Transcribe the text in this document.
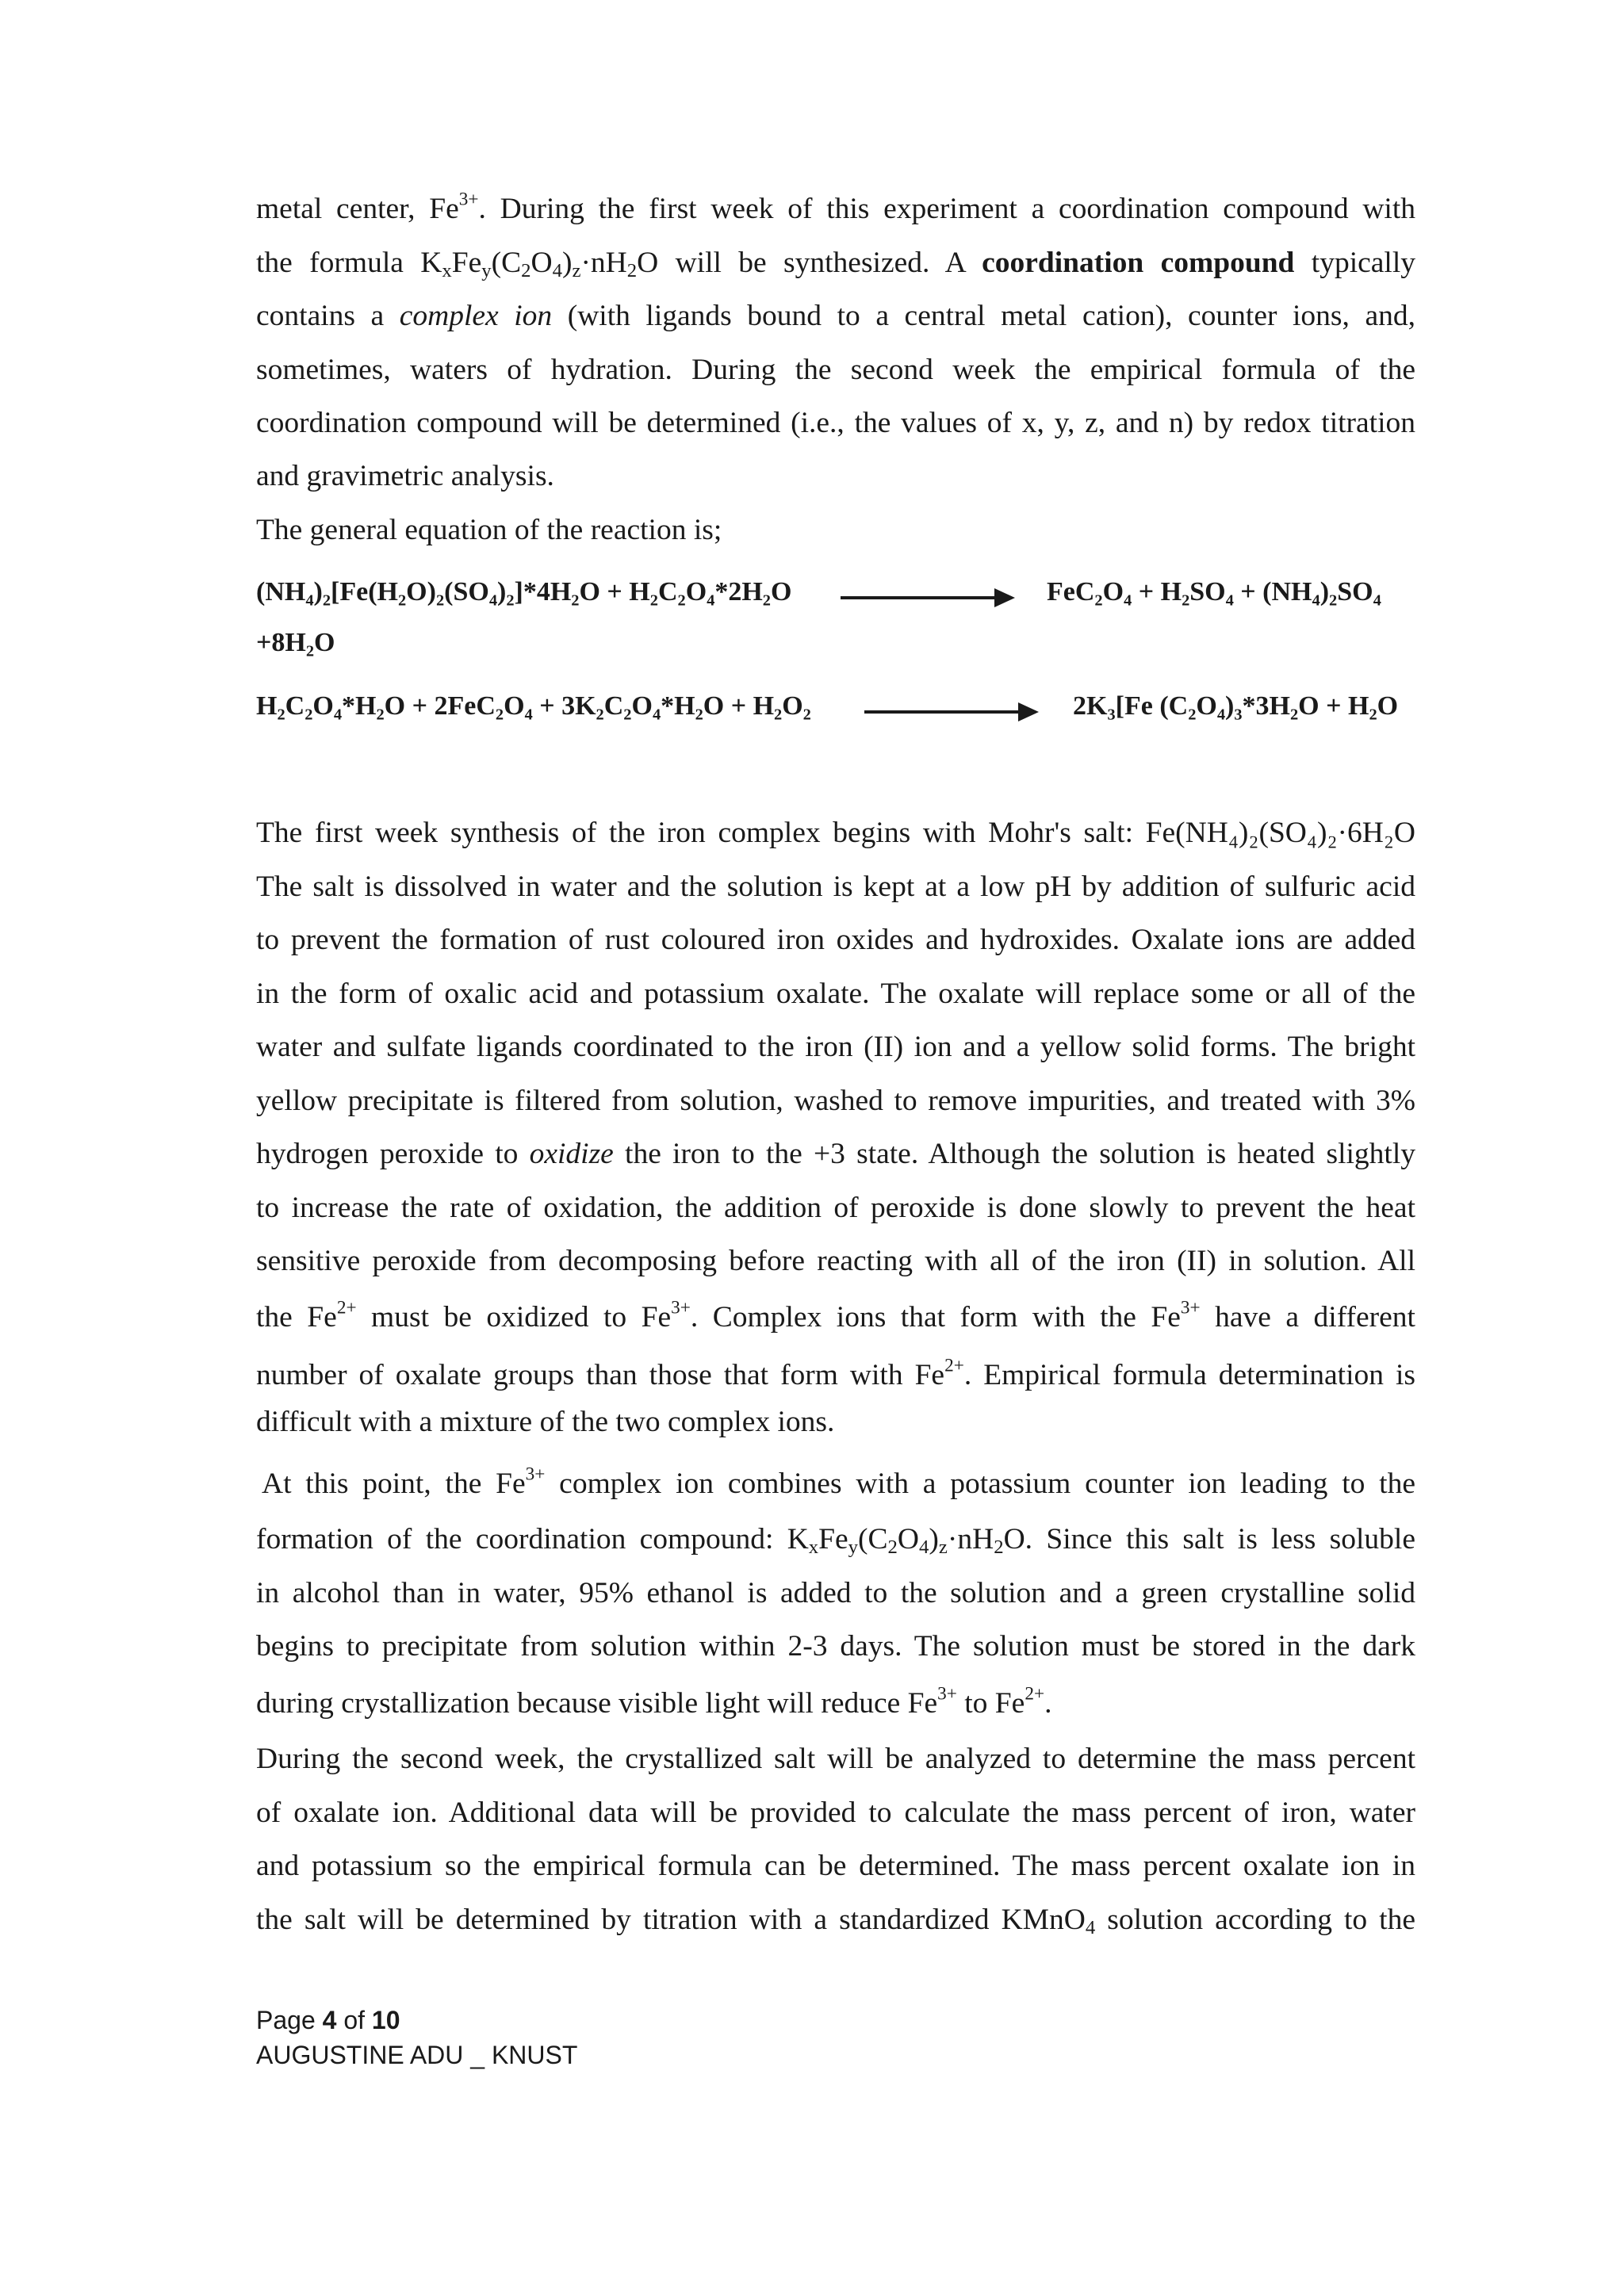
metal center, $Fe^{3+}$. During the first week of this experiment a coordination compound with
the formula $K_xFe_y(C_2O_4)_z\cdot nH_2O$ will be synthesized. A coordination compound typically
contains a complex ion (with ligands bound to a central metal cation), counter ions, and,
sometimes, waters of hydration. During the second week the empirical formula of the
coordination compound will be determined (i.e., the values of x, y, z, and n) by redox titration
and gravimetric analysis.
The general equation of the reaction is;
(NH₄)₂[Fe(H₂O)₂(SO₄)₂]*4H₂O + H₂C₂O₄*2H₂O	FeC₂O₄ + H₂SO₄ + (NH₄)₂SO₄
+8H₂O
H₂C₂O₄*H₂O + 2FeC₂O₄ + 3K₂C₂O₄*H₂O + H₂O₂	2K₃[Fe (C₂O₄)₃*3H₂O + H₂O
The first week synthesis of the iron complex begins with Mohr's salt: Fe(NH₄)₂(SO₄)₂·6H₂O
The salt is dissolved in water and the solution is kept at a low pH by addition of sulfuric acid
to prevent the formation of rust coloured iron oxides and hydroxides. Oxalate ions are added
in the form of oxalic acid and potassium oxalate. The oxalate will replace some or all of the
water and sulfate ligands coordinated to the iron (II) ion and a yellow solid forms. The bright
yellow precipitate is filtered from solution, washed to remove impurities, and treated with 3%
hydrogen peroxide to oxidize the iron to the +3 state. Although the solution is heated slightly
to increase the rate of oxidation, the addition of peroxide is done slowly to prevent the heat
sensitive peroxide from decomposing before reacting with all of the iron (II) in solution. All
the $Fe^{2+}$ must be oxidized to $Fe^{3+}$. Complex ions that form with the $Fe^{3+}$ have a different
number of oxalate groups than those that form with $Fe^{2+}$. Empirical formula determination is
difficult with a mixture of the two complex ions.
At this point, the $Fe^{3+}$ complex ion combines with a potassium counter ion leading to the
formation of the coordination compound: $K_xFe_y(C_2O_4)_z\cdot nH_2O$. Since this salt is less soluble
in alcohol than in water, 95% ethanol is added to the solution and a green crystalline solid
begins to precipitate from solution within 2-3 days. The solution must be stored in the dark
during crystallization because visible light will reduce $Fe^{3+}$ to $Fe^{2+}$.
During the second week, the crystallized salt will be analyzed to determine the mass percent
of oxalate ion. Additional data will be provided to calculate the mass percent of iron, water
and potassium so the empirical formula can be determined. The mass percent oxalate ion in
the salt will be determined by titration with a standardized KMnO$_4$ solution according to the
Page 4 of 10
AUGUSTINE ADU _ KNUST
